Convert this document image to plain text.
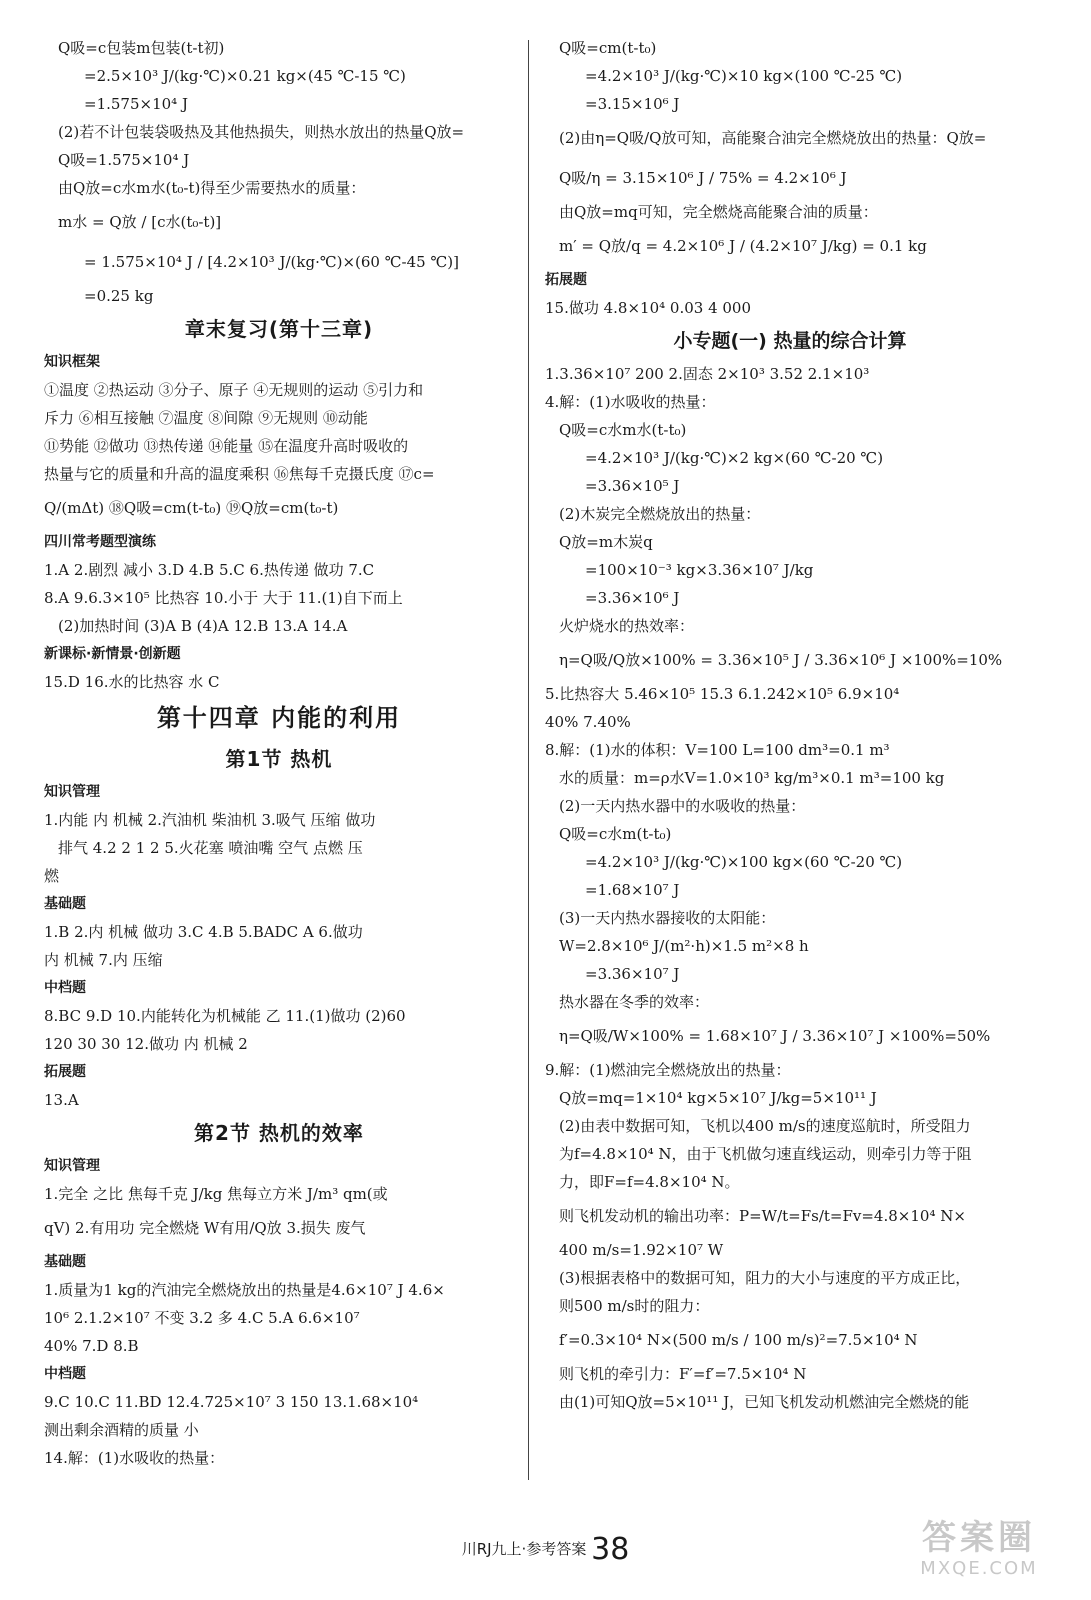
Q吸=c包装m包装(t-t初)
=2.5×10³ J/(kg·℃)×0.21 kg×(45 ℃-15 ℃)
=1.575×10⁴ J
(2)若不计包装袋吸热及其他热损失，则热水放出的热量Q放=
Q吸=1.575×10⁴ J
由Q放=c水m水(t₀-t)得至少需要热水的质量：
m水 = Q放 / [c水(t₀-t)]
= 1.575×10⁴ J / [4.2×10³ J/(kg·℃)×(60 ℃-45 ℃)]
=0.25 kg
章末复习(第十三章)
知识框架
①温度 ②热运动 ③分子、原子 ④无规则的运动 ⑤引力和
斥力 ⑥相互接触 ⑦温度 ⑧间隙 ⑨无规则 ⑩动能
⑪势能 ⑫做功 ⑬热传递 ⑭能量 ⑮在温度升高时吸收的
热量与它的质量和升高的温度乘积 ⑯焦每千克摄氏度 ⑰c=
Q/(mΔt) ⑱Q吸=cm(t-t₀) ⑲Q放=cm(t₀-t)
四川常考题型演练
1.A 2.剧烈 减小 3.D 4.B 5.C 6.热传递 做功 7.C
8.A 9.6.3×10⁵ 比热容 10.小于 大于 11.(1)自下而上
(2)加热时间 (3)A B (4)A 12.B 13.A 14.A
新课标·新情景·创新题
15.D 16.水的比热容 水 C
第十四章 内能的利用
第1节 热机
知识管理
1.内能 内 机械 2.汽油机 柴油机 3.吸气 压缩 做功
排气 4.2 2 1 2 5.火花塞 喷油嘴 空气 点燃 压
燃
基础题
1.B 2.内 机械 做功 3.C 4.B 5.BADC A 6.做功
内 机械 7.内 压缩
中档题
8.BC 9.D 10.内能转化为机械能 乙 11.(1)做功 (2)60
120 30 30 12.做功 内 机械 2
拓展题
13.A
第2节 热机的效率
知识管理
1.完全 之比 焦每千克 J/kg 焦每立方米 J/m³ qm(或
qV) 2.有用功 完全燃烧 W有用/Q放 3.损失 废气
基础题
1.质量为1 kg的汽油完全燃烧放出的热量是4.6×10⁷ J 4.6×
10⁶ 2.1.2×10⁷ 不变 3.2 多 4.C 5.A 6.6×10⁷
40% 7.D 8.B
中档题
9.C 10.C 11.BD 12.4.725×10⁷ 3 150 13.1.68×10⁴
测出剩余酒精的质量 小
14.解：(1)水吸收的热量：
Q吸=cm(t-t₀)
=4.2×10³ J/(kg·℃)×10 kg×(100 ℃-25 ℃)
=3.15×10⁶ J
(2)由η=Q吸/Q放可知，高能聚合油完全燃烧放出的热量：Q放=
Q吸/η = 3.15×10⁶ J / 75% = 4.2×10⁶ J
由Q放=mq可知，完全燃烧高能聚合油的质量：
m′ = Q放/q = 4.2×10⁶ J / (4.2×10⁷ J/kg) = 0.1 kg
拓展题
15.做功 4.8×10⁴ 0.03 4 000
小专题(一) 热量的综合计算
1.3.36×10⁷ 200 2.固态 2×10³ 3.52 2.1×10³
4.解：(1)水吸收的热量：
Q吸=c水m水(t-t₀)
=4.2×10³ J/(kg·℃)×2 kg×(60 ℃-20 ℃)
=3.36×10⁵ J
(2)木炭完全燃烧放出的热量：
Q放=m木炭q
=100×10⁻³ kg×3.36×10⁷ J/kg
=3.36×10⁶ J
火炉烧水的热效率：
η=Q吸/Q放×100% = 3.36×10⁵ J / 3.36×10⁶ J ×100%=10%
5.比热容大 5.46×10⁵ 15.3 6.1.242×10⁵ 6.9×10⁴
40% 7.40%
8.解：(1)水的体积：V=100 L=100 dm³=0.1 m³
水的质量：m=ρ水V=1.0×10³ kg/m³×0.1 m³=100 kg
(2)一天内热水器中的水吸收的热量：
Q吸=c水m(t-t₀)
=4.2×10³ J/(kg·℃)×100 kg×(60 ℃-20 ℃)
=1.68×10⁷ J
(3)一天内热水器接收的太阳能：
W=2.8×10⁶ J/(m²·h)×1.5 m²×8 h
=3.36×10⁷ J
热水器在冬季的效率：
η=Q吸/W×100% = 1.68×10⁷ J / 3.36×10⁷ J ×100%=50%
9.解：(1)燃油完全燃烧放出的热量：
Q放=mq=1×10⁴ kg×5×10⁷ J/kg=5×10¹¹ J
(2)由表中数据可知，飞机以400 m/s的速度巡航时，所受阻力
为f=4.8×10⁴ N，由于飞机做匀速直线运动，则牵引力等于阻
力，即F=f=4.8×10⁴ N。
则飞机发动机的输出功率：P=W/t=Fs/t=Fv=4.8×10⁴ N×
400 m/s=1.92×10⁷ W
(3)根据表格中的数据可知，阻力的大小与速度的平方成正比，
则500 m/s时的阻力：
f′=0.3×10⁴ N×(500 m/s / 100 m/s)²=7.5×10⁴ N
则飞机的牵引力：F′=f′=7.5×10⁴ N
由(1)可知Q放=5×10¹¹ J，已知飞机发动机燃油完全燃烧的能
川RJ九上·参考答案 38	答案圈
MXQE.COM
